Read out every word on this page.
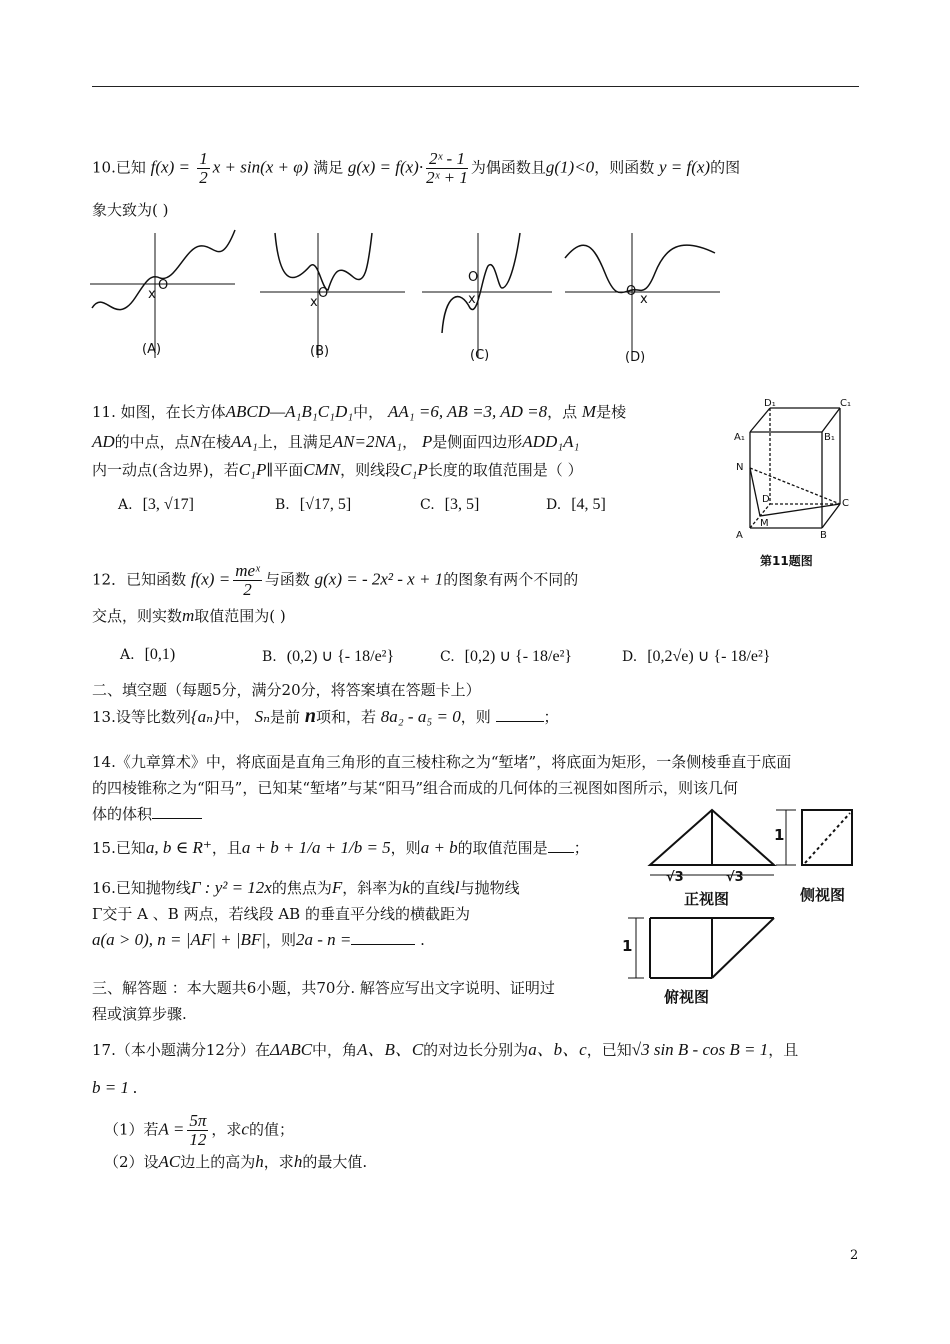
10.已知 $f(x) = \frac{1}{2}$ x + sin(x + φ) 满足 $g(x) = f(x)\cdot \frac{\text{2ˣ - 1}}{\text{2ˣ + 1}}$ 为偶函数且g(1)<0，则函数 y = f(x)的图
象大致为( )
x
x	x	x
O
O
O
O
(A)	(B)	(C)	(D)
11. 如图，在长方体ABCD—A₁B₁C₁D₁中， AA₁ =6, AB =3, AD =8，点 M是棱
AD的中点，点N在棱AA₁上，且满足AN=2NA₁， P是侧面四边形ADD₁A₁
内一动点(含边界)，若C₁P∥平面CMN，则线段C₁P长度的取值范围是（ ）
A. [3, √17]	B. [√17, 5]	C. [3, 5]	D. [4, 5]
D₁	C₁
A₁	B₁
N
D	C
M
A	B
第11题图
12．已知函数 $f(x) = \frac{\text{meˣ}}{2}$ 与函数 g(x) = - 2x² - x + 1的图象有两个不同的
交点，则实数m取值范围为( )
A. [0,1)	B. (0,2) ∪ {- 18/e²}	C. [0,2) ∪ {- 18/e²}	D. [0,2√e) ∪ {- 18/e²}
二、填空题（每题5分，满分20分，将答案填在答题卡上）
13.设等比数列{aₙ}中， Sₙ是前 n项和，若 8a₂ - a₅ = 0，则	；
14.《九章算术》中，将底面是直角三角形的直三棱柱称之为“堑堵”，将底面为矩形，一条侧棱垂直于底面
的四棱锥称之为“阳马”，已知某“堑堵”与某“阳马”组合而成的几何体的三视图如图所示，则该几何
体的体积
1
√3	√3
正视图	侧视图
1
俯视图
15.已知a, b ∈ R⁺，且a + b + 1/a + 1/b = 5，则a + b的取值范围是 ；
16.已知抛物线Γ : y² = 12x的焦点为F，斜率为k的直线l与抛物线
Γ交于 A 、B 两点，若线段 AB 的垂直平分线的横截距为
a(a > 0), n = |AF| + |BF|，则2a - n =	.
三、解答题 ：本大题共6小题，共70分. 解答应写出文字说明、证明过
程或演算步骤.
17.（本小题满分12分）在ΔABC中，角A、B、C的对边长分别为a、b、c，已知√3 sin B - cos B = 1，且
b = 1 .
（1）若$A = \frac{5\pi}{12}$ ，求c的值；
（2）设AC边上的高为h，求h的最大值.
2
